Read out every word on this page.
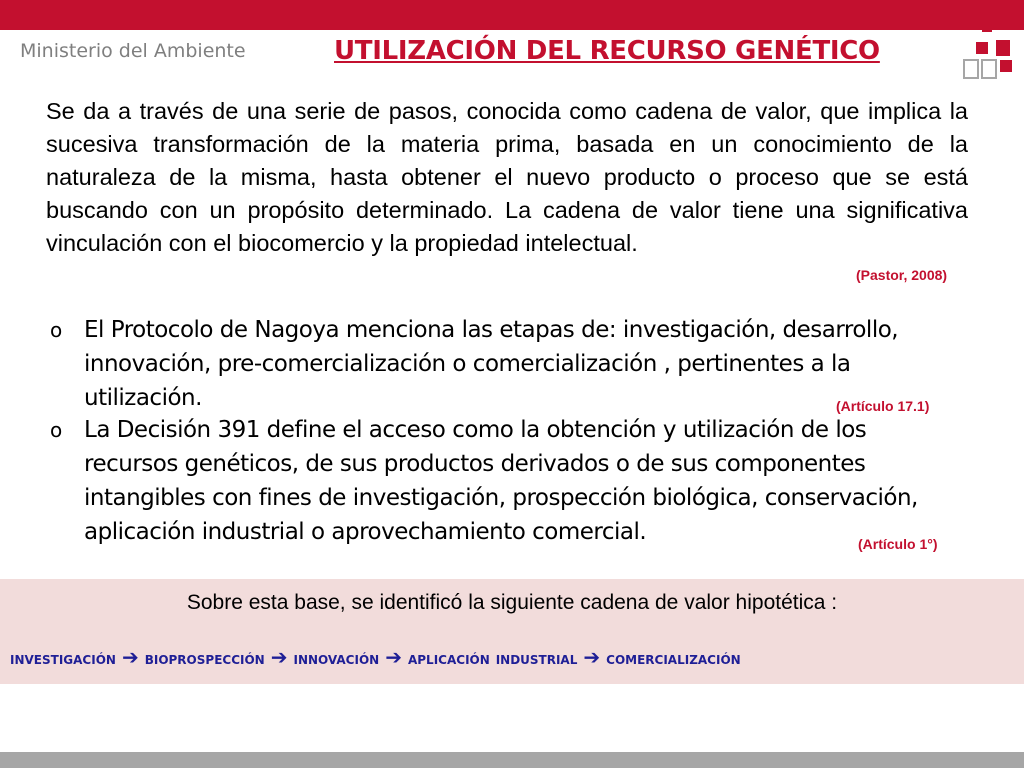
Ministerio del Ambiente	UTILIZACIÓN DEL RECURSO GENÉTICO

Se da a través de una serie de pasos, conocida como cadena de valor, que implica la sucesiva transformación de la materia prima, basada en un conocimiento de la naturaleza de la misma, hasta obtener el nuevo producto o proceso que se está buscando con un propósito determinado. La cadena de valor tiene una significativa vinculación con el biocomercio y la propiedad intelectual.

(Pastor, 2008)
o El Protocolo de Nagoya menciona las etapas de: investigación, desarrollo, innovación, pre-comercialización o comercialización , pertinentes a la utilización.	(Artículo 17.1)
o La Decisión 391 define el acceso como la obtención y utilización de los recursos genéticos, de sus productos derivados o de sus componentes intangibles con fines de investigación, prospección biológica, conservación, aplicación industrial o aprovechamiento comercial.	(Artículo 1°)
Sobre esta base, se identificó la siguiente cadena de valor hipotética :
investigación ➔ bioprospección ➔ innovación ➔ aplicación industrial ➔ comercialización
